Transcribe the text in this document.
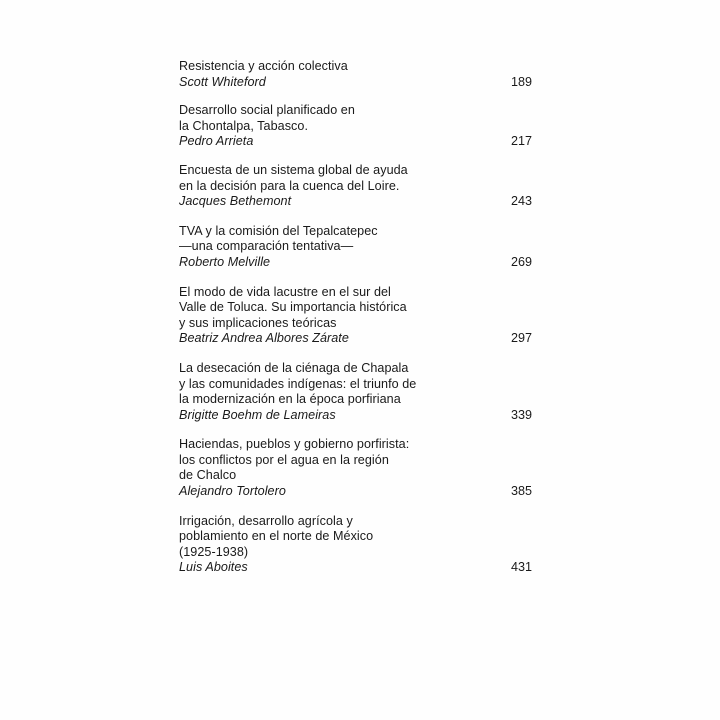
Resistencia y acción colectiva
Scott Whiteford	189
Desarrollo social planificado en
la Chontalpa, Tabasco.
Pedro Arrieta	217
Encuesta de un sistema global de ayuda
en la decisión para la cuenca del Loire.
Jacques Bethemont	243
TVA y la comisión del Tepalcatepec
—una comparación tentativa—
Roberto Melville	269
El modo de vida lacustre en el sur del
Valle de Toluca. Su importancia histórica
y sus implicaciones teóricas
Beatriz Andrea Albores Zárate	297
La desecación de la ciénaga de Chapala
y las comunidades indígenas: el triunfo de
la modernización en la época porfiriana
Brigitte Boehm de Lameiras	339
Haciendas, pueblos y gobierno porfirista:
los conflictos por el agua en la región
de Chalco
Alejandro Tortolero	385
Irrigación, desarrollo agrícola y
poblamiento en el norte de México
(1925-1938)
Luis Aboites	431
